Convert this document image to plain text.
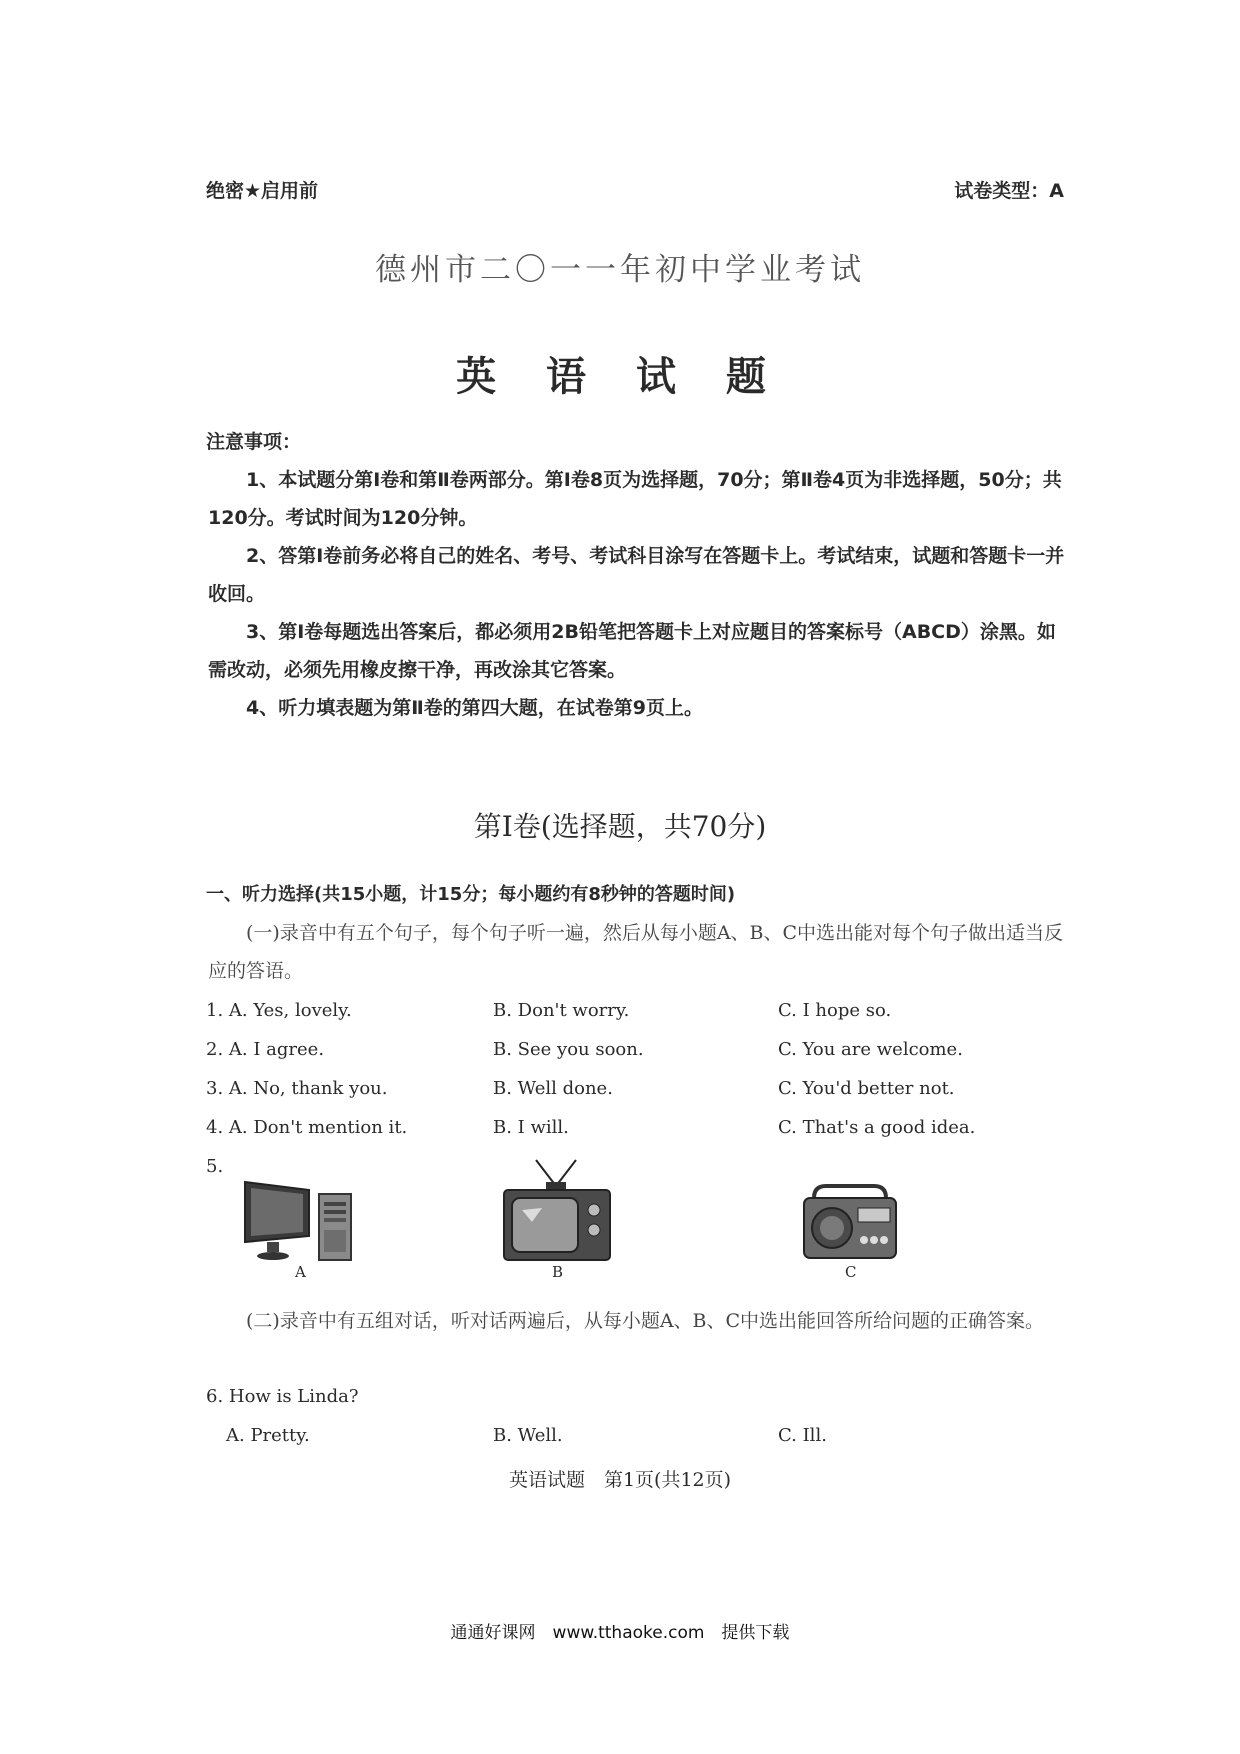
绝密★启用前	试卷类型：A
德州市二〇一一年初中学业考试
英 语 试 题
注意事项：
1、本试题分第Ⅰ卷和第Ⅱ卷两部分。第Ⅰ卷8页为选择题，70分；第Ⅱ卷4页为非选择题，50分；共120分。考试时间为120分钟。
2、答第Ⅰ卷前务必将自己的姓名、考号、考试科目涂写在答题卡上。考试结束，试题和答题卡一并收回。
3、第Ⅰ卷每题选出答案后，都必须用2B铅笔把答题卡上对应题目的答案标号（ABCD）涂黑。如需改动，必须先用橡皮擦干净，再改涂其它答案。
4、听力填表题为第Ⅱ卷的第四大题，在试卷第9页上。
第Ⅰ卷(选择题，共70分)
一、听力选择(共15小题，计15分；每小题约有8秒钟的答题时间)
(一)录音中有五个句子，每个句子听一遍，然后从每小题A、B、C中选出能对每个句子做出适当反应的答语。
1. A. Yes, lovely.	B. Don't worry.	C. I hope so.
2. A. I agree.	B. See you soon.	C. You are welcome.
3. A. No, thank you.	B. Well done.	C. You'd better not.
4. A. Don't mention it.	B. I will.	C. That's a good idea.
5.
A	B	C
(二)录音中有五组对话，听对话两遍后，从每小题A、B、C中选出能回答所给问题的正确答案。
6. How is Linda?
A. Pretty.	B. Well.	C. Ill.
英语试题　第1页(共12页)
通通好课网　www.tthaoke.com　提供下载
